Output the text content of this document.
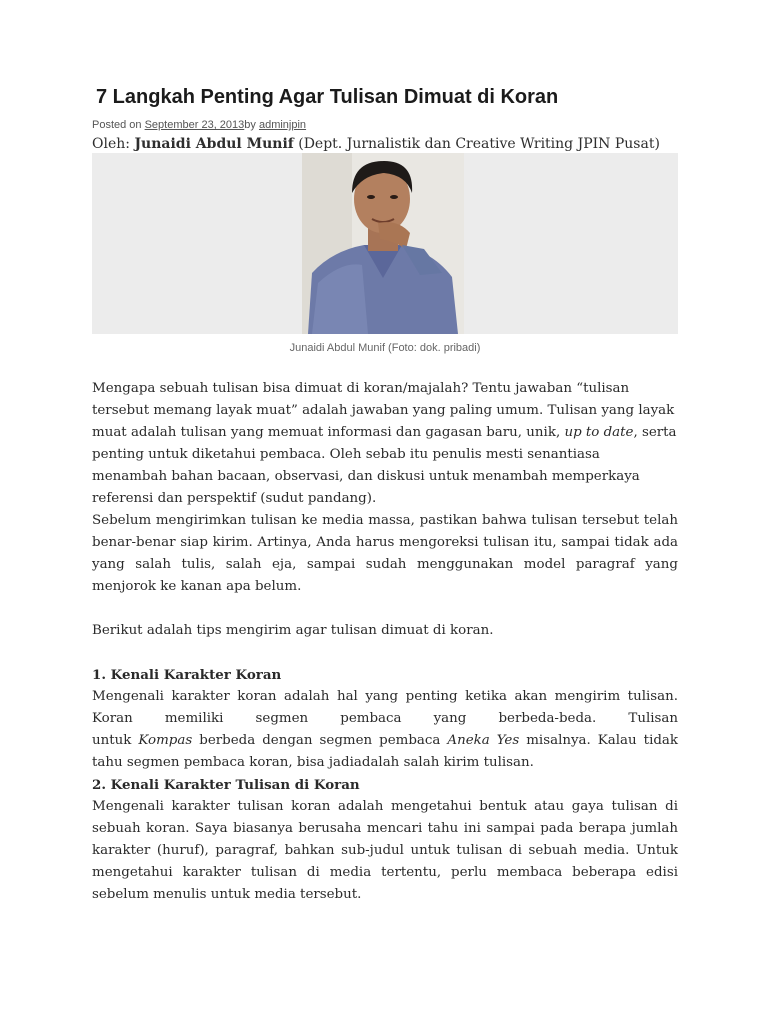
7 Langkah Penting Agar Tulisan Dimuat di Koran
Posted on September 23, 2013by adminjpin
Oleh: Junaidi Abdul Munif (Dept. Jurnalistik dan Creative Writing JPIN Pusat)
Junaidi Abdul Munif (Foto: dok. pribadi)

Mengapa sebuah tulisan bisa dimuat di koran/majalah? Tentu jawaban “tulisan tersebut memang layak muat” adalah jawaban yang paling umum. Tulisan yang layak muat adalah tulisan yang memuat informasi dan gagasan baru, unik, up to date, serta penting untuk diketahui pembaca. Oleh sebab itu penulis mesti senantiasa menambah bahan bacaan, observasi, dan diskusi untuk menambah memperkaya referensi dan perspektif (sudut pandang).

Sebelum mengirimkan tulisan ke media massa, pastikan bahwa tulisan tersebut telah benar-benar siap kirim. Artinya, Anda harus mengoreksi tulisan itu, sampai tidak ada yang salah tulis, salah eja, sampai sudah menggunakan model paragraf yang menjorok ke kanan apa belum.

Berikut adalah tips mengirim agar tulisan dimuat di koran.

1. Kenali Karakter Koran

Mengenali karakter koran adalah hal yang penting ketika akan mengirim tulisan.

Koran memiliki segmen pembaca yang berbeda-beda. Tulisan

untuk Kompas berbeda dengan segmen pembaca Aneka Yes misalnya. Kalau tidak tahu segmen pembaca koran, bisa jadiadalah salah kirim tulisan.

2. Kenali Karakter Tulisan di Koran

Mengenali karakter tulisan koran adalah mengetahui bentuk atau gaya tulisan di sebuah koran. Saya biasanya berusaha mencari tahu ini sampai pada berapa jumlah karakter (huruf), paragraf, bahkan sub-judul untuk tulisan di sebuah media. Untuk mengetahui karakter tulisan di media tertentu, perlu membaca beberapa edisi sebelum menulis untuk media tersebut.
